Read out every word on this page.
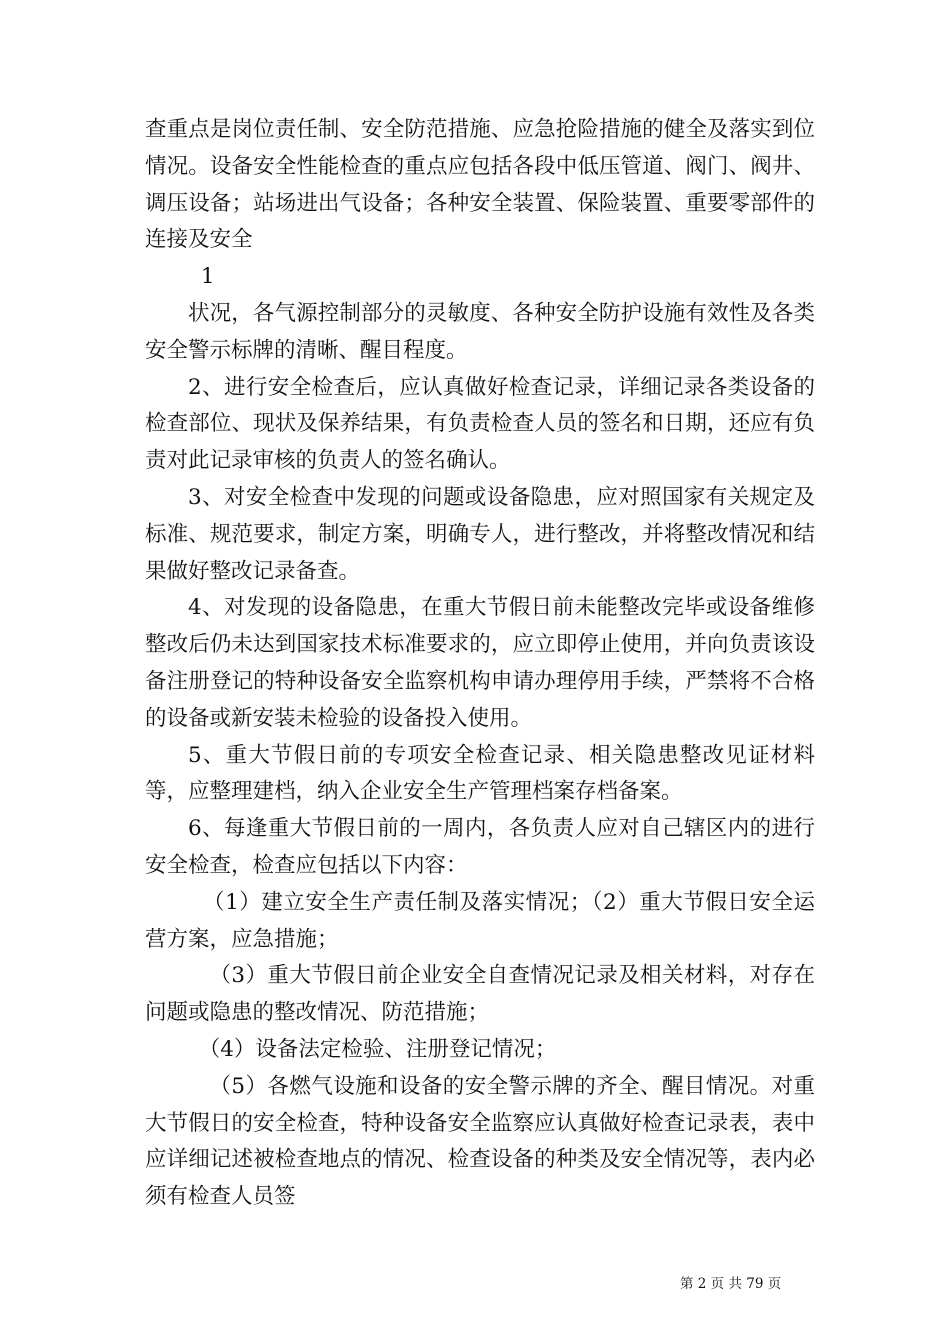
查重点是岗位责任制、安全防范措施、应急抢险措施的健全及落实到位情况。设备安全性能检查的重点应包括各段中低压管道、阀门、阀井、调压设备；站场进出气设备；各种安全装置、保险装置、重要零部件的连接及安全

1

状况，各气源控制部分的灵敏度、各种安全防护设施有效性及各类安全警示标牌的清晰、醒目程度。

2、进行安全检查后，应认真做好检查记录，详细记录各类设备的检查部位、现状及保养结果，有负责检查人员的签名和日期，还应有负责对此记录审核的负责人的签名确认。

3、对安全检查中发现的问题或设备隐患，应对照国家有关规定及标准、规范要求，制定方案，明确专人，进行整改，并将整改情况和结果做好整改记录备查。

4、对发现的设备隐患，在重大节假日前未能整改完毕或设备维修整改后仍未达到国家技术标准要求的，应立即停止使用，并向负责该设备注册登记的特种设备安全监察机构申请办理停用手续，严禁将不合格的设备或新安装未检验的设备投入使用。

5、重大节假日前的专项安全检查记录、相关隐患整改见证材料等，应整理建档，纳入企业安全生产管理档案存档备案。

6、每逢重大节假日前的一周内，各负责人应对自己辖区内的进行安全检查，检查应包括以下内容：

（1）建立安全生产责任制及落实情况；（2）重大节假日安全运营方案，应急措施；

（3）重大节假日前企业安全自查情况记录及相关材料，对存在问题或隐患的整改情况、防范措施；

（4）设备法定检验、注册登记情况；

（5）各燃气设施和设备的安全警示牌的齐全、醒目情况。对重大节假日的安全检查，特种设备安全监察应认真做好检查记录表，表中应详细记述被检查地点的情况、检查设备的种类及安全情况等，表内必须有检查人员签

第 2 页 共 79 页
